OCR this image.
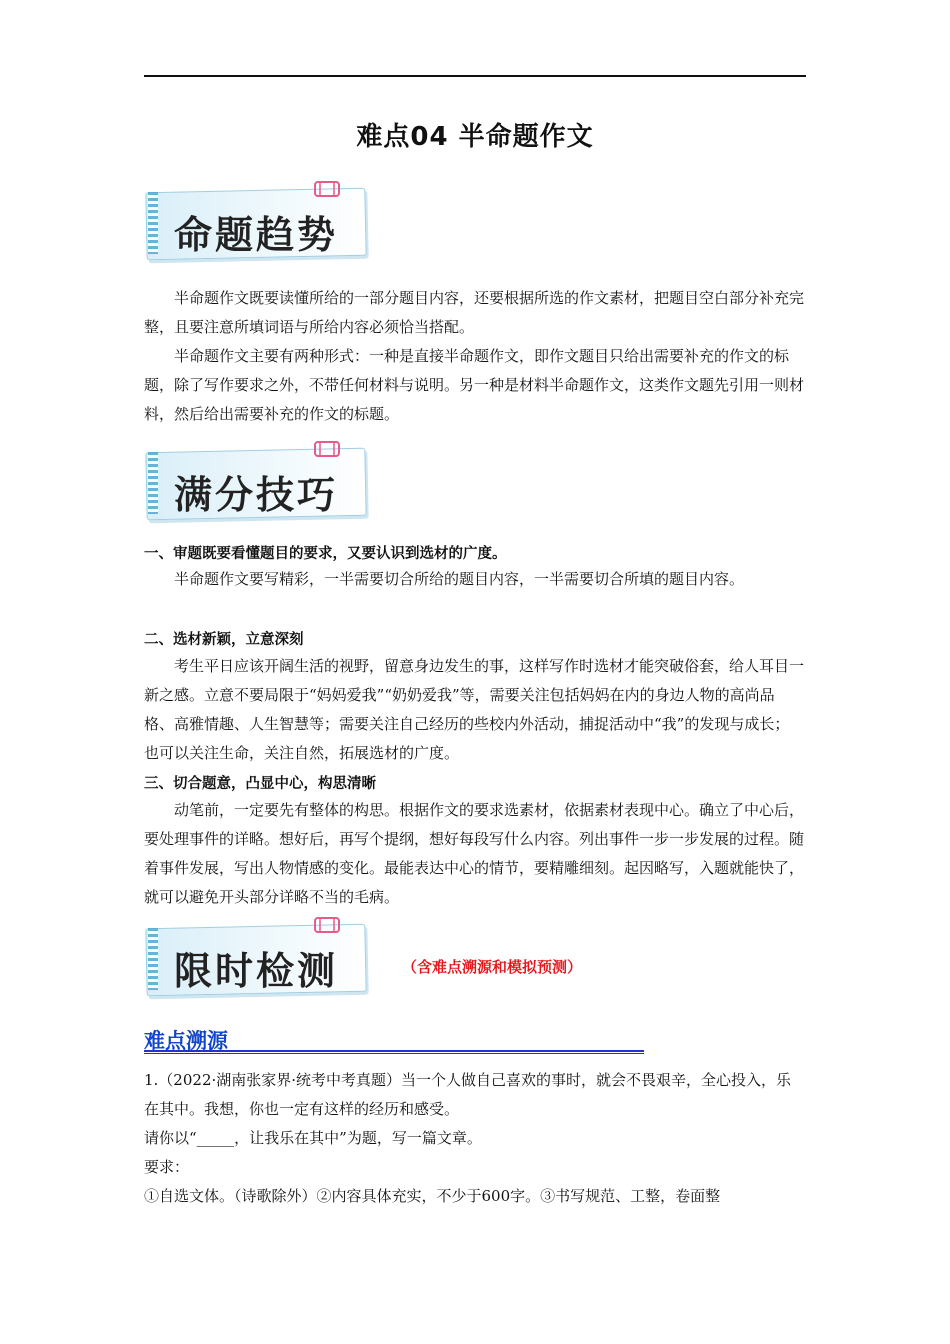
难点04 半命题作文
命题趋势
半命题作文既要读懂所给的一部分题目内容，还要根据所选的作文素材，把题目空白部分补充完整，且要注意所填词语与所给内容必须恰当搭配。
半命题作文主要有两种形式：一种是直接半命题作文，即作文题目只给出需要补充的作文的标题，除了写作要求之外，不带任何材料与说明。另一种是材料半命题作文，这类作文题先引用一则材料，然后给出需要补充的作文的标题。
满分技巧
一、审题既要看懂题目的要求，又要认识到选材的广度。
半命题作文要写精彩，一半需要切合所给的题目内容，一半需要切合所填的题目内容。
二、选材新颖，立意深刻
考生平日应该开阔生活的视野，留意身边发生的事，这样写作时选材才能突破俗套，给人耳目一新之感。立意不要局限于“妈妈爱我”“奶奶爱我”等，需要关注包括妈妈在内的身边人物的高尚品格、高雅情趣、人生智慧等；需要关注自己经历的些校内外活动，捕捉活动中“我”的发现与成长；也可以关注生命，关注自然，拓展选材的广度。
三、切合题意，凸显中心，构思清晰
动笔前，一定要先有整体的构思。根据作文的要求选素材，依据素材表现中心。确立了中心后，要处理事件的详略。想好后，再写个提纲，想好每段写什么内容。列出事件一步一步发展的过程。随着事件发展，写出人物情感的变化。最能表达中心的情节，要精雕细刻。起因略写，入题就能快了，就可以避免开头部分详略不当的毛病。
限时检测	（含难点溯源和模拟预测）
难点溯源
1.（2022·湖南张家界·统考中考真题）当一个人做自己喜欢的事时，就会不畏艰辛，全心投入，乐在其中。我想，你也一定有这样的经历和感受。
请你以“_____，让我乐在其中”为题，写一篇文章。
要求：
①自选文体。（诗歌除外）②内容具体充实，不少于600字。③书写规范、工整，卷面整
